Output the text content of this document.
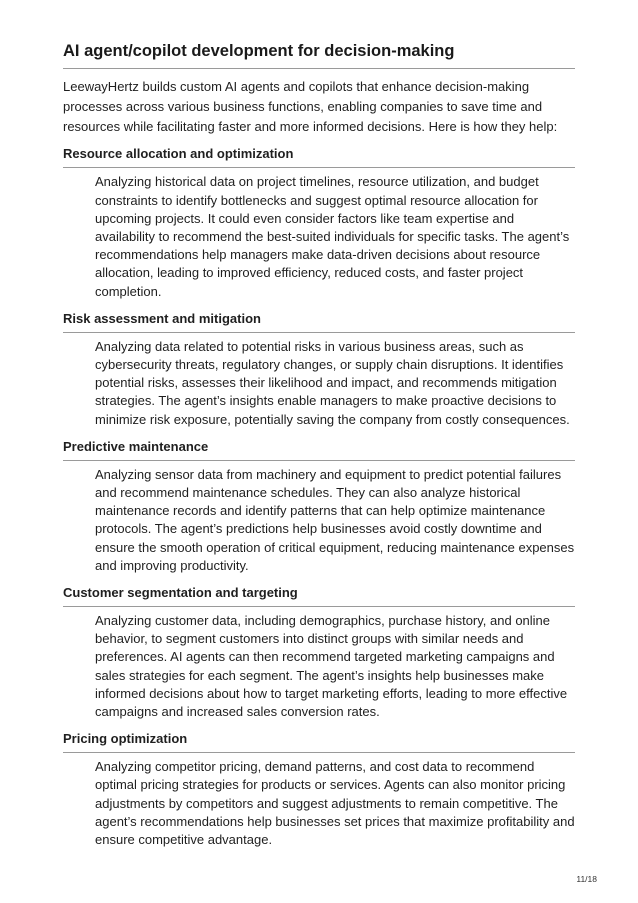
AI agent/copilot development for decision-making

LeewayHertz builds custom AI agents and copilots that enhance decision-making processes across various business functions, enabling companies to save time and resources while facilitating faster and more informed decisions. Here is how they help:

Resource allocation and optimization

Analyzing historical data on project timelines, resource utilization, and budget constraints to identify bottlenecks and suggest optimal resource allocation for upcoming projects. It could even consider factors like team expertise and availability to recommend the best-suited individuals for specific tasks. The agent’s recommendations help managers make data-driven decisions about resource allocation, leading to improved efficiency, reduced costs, and faster project completion.

Risk assessment and mitigation

Analyzing data related to potential risks in various business areas, such as cybersecurity threats, regulatory changes, or supply chain disruptions. It identifies potential risks, assesses their likelihood and impact, and recommends mitigation strategies. The agent’s insights enable managers to make proactive decisions to minimize risk exposure, potentially saving the company from costly consequences.

Predictive maintenance

Analyzing sensor data from machinery and equipment to predict potential failures and recommend maintenance schedules. They can also analyze historical maintenance records and identify patterns that can help optimize maintenance protocols. The agent’s predictions help businesses avoid costly downtime and ensure the smooth operation of critical equipment, reducing maintenance expenses and improving productivity.

Customer segmentation and targeting

Analyzing customer data, including demographics, purchase history, and online behavior, to segment customers into distinct groups with similar needs and preferences. AI agents can then recommend targeted marketing campaigns and sales strategies for each segment. The agent’s insights help businesses make informed decisions about how to target marketing efforts, leading to more effective campaigns and increased sales conversion rates.

Pricing optimization

Analyzing competitor pricing, demand patterns, and cost data to recommend optimal pricing strategies for products or services. Agents can also monitor pricing adjustments by competitors and suggest adjustments to remain competitive. The agent’s recommendations help businesses set prices that maximize profitability and ensure competitive advantage.

11/18
